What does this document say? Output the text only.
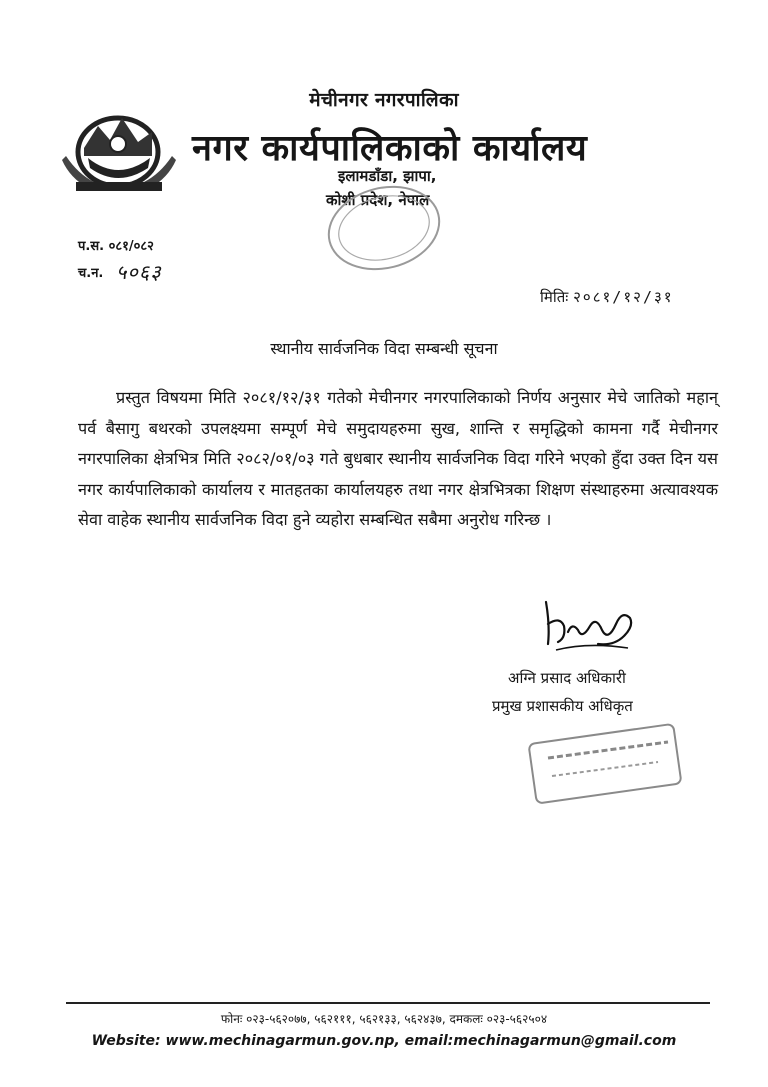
मेचीनगर नगरपालिका
नगर कार्यपालिकाको कार्यालय
इलामडाँडा, झापा,
कोशी प्रदेश, नेपाल
प.स. ०८१/०८२
च.न. ५०६३
मितिः २०८१/१२/३१
स्थानीय सार्वजनिक विदा सम्बन्धी सूचना
प्रस्तुत विषयमा मिति २०८१/१२/३१ गतेको मेचीनगर नगरपालिकाको निर्णय अनुसार मेचे जातिको महान् पर्व बैसागु बथरको उपलक्ष्यमा सम्पूर्ण मेचे समुदायहरुमा सुख, शान्ति र समृद्धिको कामना गर्दै मेचीनगर नगरपालिका क्षेत्रभित्र मिति २०८२/०१/०३ गते बुधबार स्थानीय सार्वजनिक विदा गरिने भएको हुँदा उक्त दिन यस नगर कार्यपालिकाको कार्यालय र मातहतका कार्यालयहरु तथा नगर क्षेत्रभित्रका शिक्षण संस्थाहरुमा अत्यावश्यक सेवा वाहेक स्थानीय सार्वजनिक विदा हुने व्यहोरा सम्बन्धित सबैमा अनुरोध गरिन्छ ।
अग्नि प्रसाद अधिकारी
प्रमुख प्रशासकीय अधिकृत
फोनः ०२३-५६२०७७, ५६२१११, ५६२१३३, ५६२४३७, दमकलः ०२३-५६२५०४
Website: www.mechinagarmun.gov.np, email:mechinagarmun@gmail.com
